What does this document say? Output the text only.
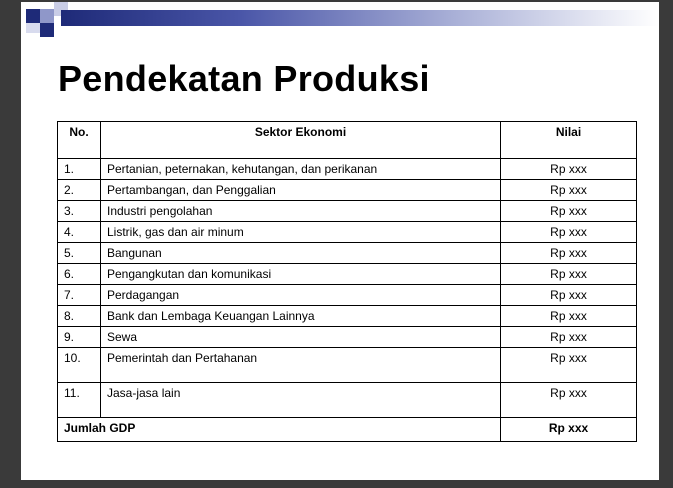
Pendekatan Produksi
No.	Sektor Ekonomi	Nilai
1.	Pertanian, peternakan, kehutangan, dan perikanan	Rp xxx
2.	Pertambangan, dan Penggalian	Rp xxx
3.	Industri pengolahan	Rp xxx
4.	Listrik, gas dan air minum	Rp xxx
5.	Bangunan	Rp xxx
6.	Pengangkutan dan komunikasi	Rp xxx
7.	Perdagangan	Rp xxx
8.	Bank dan Lembaga Keuangan Lainnya	Rp xxx
9.	Sewa	Rp xxx
10.	Pemerintah dan Pertahanan	Rp xxx
11.	Jasa-jasa lain	Rp xxx
Jumlah GDP		Rp xxx
